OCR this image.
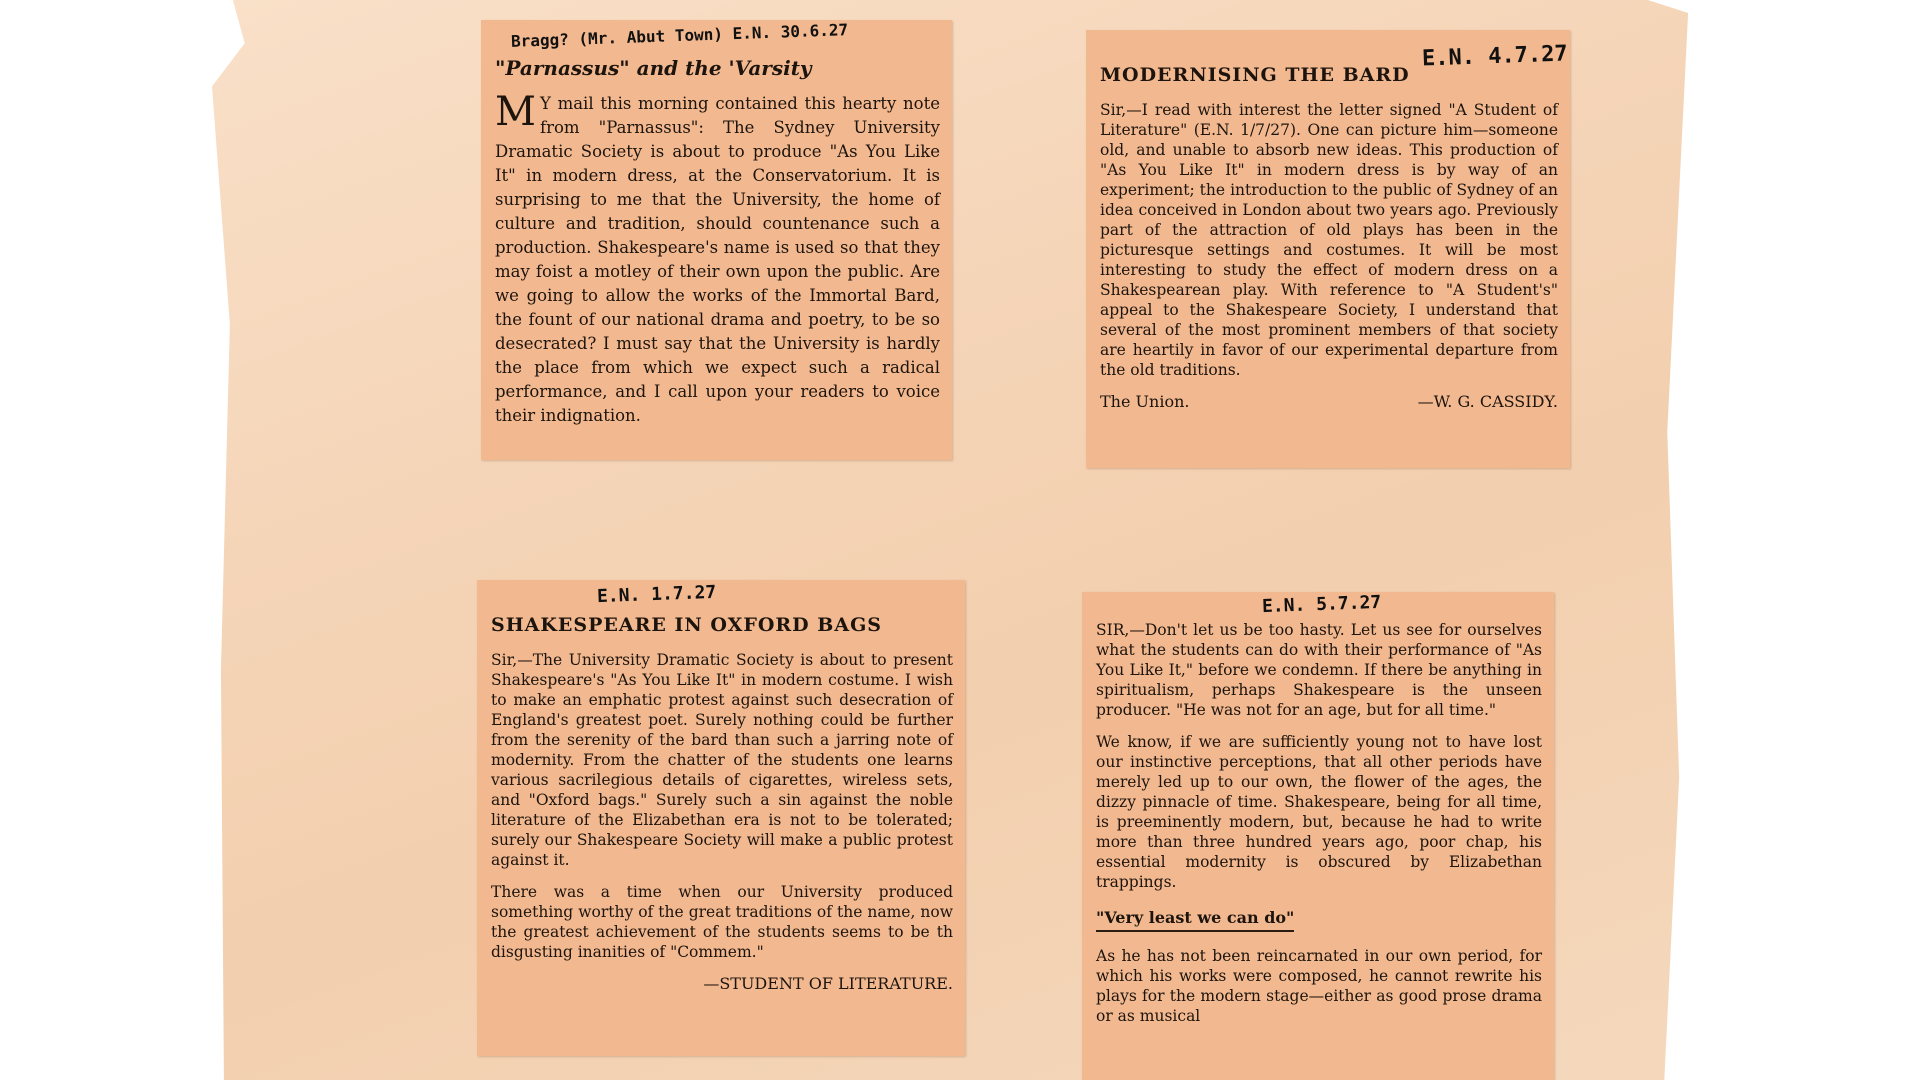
Bragg? (Mr. Abut Town) E.N. 30.6.27
"Parnassus" and the 'Varsity

M Y mail this morning contained this hearty note from "Parnassus": The Sydney University Dramatic Society is about to produce "As You Like It" in modern dress, at the Conservatorium. It is surprising to me that the University, the home of culture and tradition, should countenance such a production. Shakespeare's name is used so that they may foist a motley of their own upon the public. Are we going to allow the works of the Immortal Bard, the fount of our national drama and poetry, to be so desecrated? I must say that the University is hardly the place from which we expect such a radical performance, and I call upon your readers to voice their indignation.

MODERNISING THE BARD
E.N. 4.7.27

Sir,—I read with interest the letter signed "A Student of Literature" (E.N. 1/7/27). One can picture him—someone old, and unable to absorb new ideas. This production of "As You Like It" in modern dress is by way of an experiment; the introduction to the public of Sydney of an idea conceived in London about two years ago. Previously part of the attraction of old plays has been in the picturesque settings and costumes. It will be most interesting to study the effect of modern dress on a Shakespearean play. With reference to "A Student's" appeal to the Shakespeare Society, I understand that several of the most prominent members of that society are heartily in favor of our experimental departure from the old traditions.

The Union.	—W. G. CASSIDY.
E.N. 1.7.27
SHAKESPEARE IN OXFORD BAGS

Sir,—The University Dramatic Society is about to present Shakespeare's "As You Like It" in modern costume. I wish to make an emphatic protest against such desecration of England's greatest poet. Surely nothing could be further from the serenity of the bard than such a jarring note of modernity. From the chatter of the students one learns various sacrilegious details of cigarettes, wireless sets, and "Oxford bags." Surely such a sin against the noble literature of the Elizabethan era is not to be tolerated; surely our Shakespeare Society will make a public protest against it.

There was a time when our University produced something worthy of the great traditions of the name, now the greatest achievement of the students seems to be th disgusting inanities of "Commem."

—STUDENT OF LITERATURE.
E.N. 5.7.27

SIR,—Don't let us be too hasty. Let us see for ourselves what the students can do with their performance of "As You Like It," before we condemn. If there be anything in spiritualism, perhaps Shakespeare is the unseen producer. "He was not for an age, but for all time."

We know, if we are sufficiently young not to have lost our instinctive perceptions, that all other periods have merely led up to our own, the flower of the ages, the dizzy pinnacle of time. Shakespeare, being for all time, is preeminently modern, but, because he had to write more than three hundred years ago, poor chap, his essential modernity is obscured by Elizabethan trappings.

"Very least we can do"

As he has not been reincarnated in our own period, for which his works were composed, he cannot rewrite his plays for the modern stage—either as good prose drama or as musical
